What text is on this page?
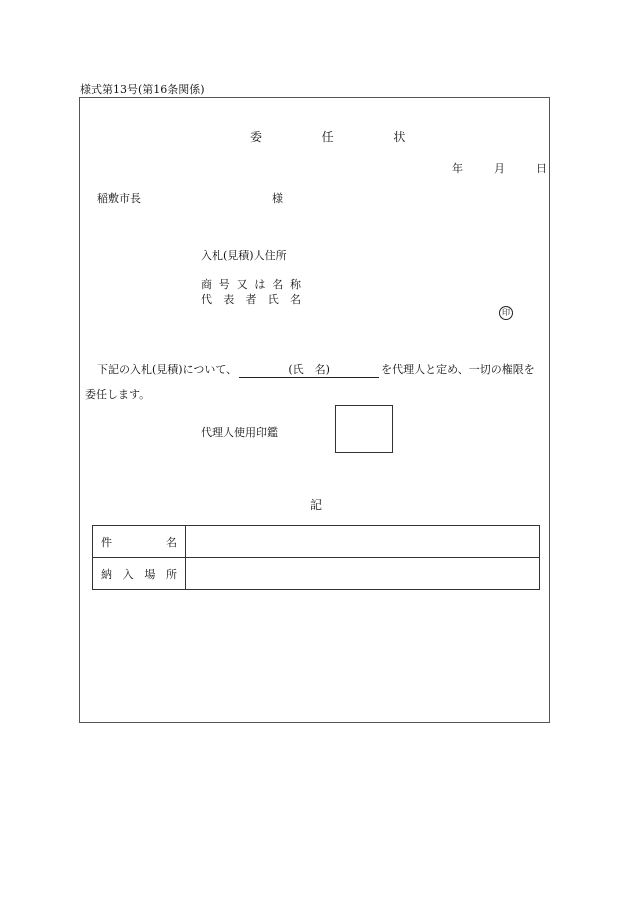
様式第13号(第16条関係)
委	任	状
年	月	日
稲敷市長	様
入札(見積)人住所
商 号 又 は 名 称
代 表 者 氏 名
印
下記の入札(見積)について、	(氏　名)	を代理人と定め、一切の権限を
委任します。
代理人使用印鑑
記
件 名	

納 入 場 所	
